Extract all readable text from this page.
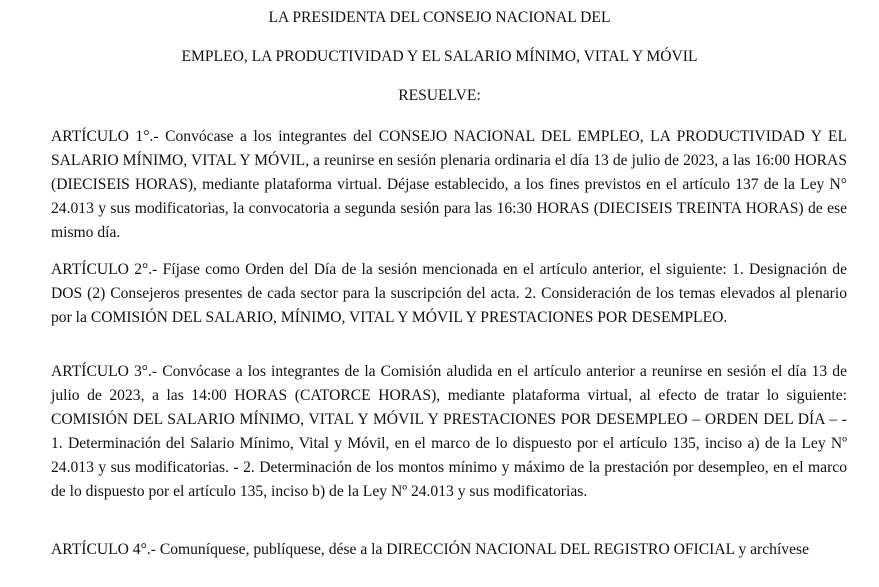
LA PRESIDENTA DEL CONSEJO NACIONAL DEL
EMPLEO, LA PRODUCTIVIDAD Y EL SALARIO MÍNIMO, VITAL Y MÓVIL
RESUELVE:

ARTÍCULO 1°.- Convócase a los integrantes del CONSEJO NACIONAL DEL EMPLEO, LA PRODUCTIVIDAD Y EL SALARIO MÍNIMO, VITAL Y MÓVIL, a reunirse en sesión plenaria ordinaria el día 13 de julio de 2023, a las 16:00 HORAS (DIECISEIS HORAS), mediante plataforma virtual. Déjase establecido, a los fines previstos en el artículo 137 de la Ley N° 24.013 y sus modificatorias, la convocatoria a segunda sesión para las 16:30 HORAS (DIECISEIS TREINTA HORAS) de ese mismo día.

ARTÍCULO 2°.- Fíjase como Orden del Día de la sesión mencionada en el artículo anterior, el siguiente: 1. Designación de DOS (2) Consejeros presentes de cada sector para la suscripción del acta. 2. Consideración de los temas elevados al plenario por la COMISIÓN DEL SALARIO, MÍNIMO, VITAL Y MÓVIL Y PRESTACIONES POR DESEMPLEO.

ARTÍCULO 3°.- Convócase a los integrantes de la Comisión aludida en el artículo anterior a reunirse en sesión el día 13 de julio de 2023, a las 14:00 HORAS (CATORCE HORAS), mediante plataforma virtual, al efecto de tratar lo siguiente: COMISIÓN DEL SALARIO MÍNIMO, VITAL Y MÓVIL Y PRESTACIONES POR DESEMPLEO – ORDEN DEL DÍA – - 1. Determinación del Salario Mínimo, Vital y Móvil, en el marco de lo dispuesto por el artículo 135, inciso a) de la Ley Nº 24.013 y sus modificatorias. - 2. Determinación de los montos mínimo y máximo de la prestación por desempleo, en el marco de lo dispuesto por el artículo 135, inciso b) de la Ley Nº 24.013 y sus modificatorias.

ARTÍCULO 4°.- Comuníquese, publíquese, dése a la DIRECCIÓN NACIONAL DEL REGISTRO OFICIAL y archívese
